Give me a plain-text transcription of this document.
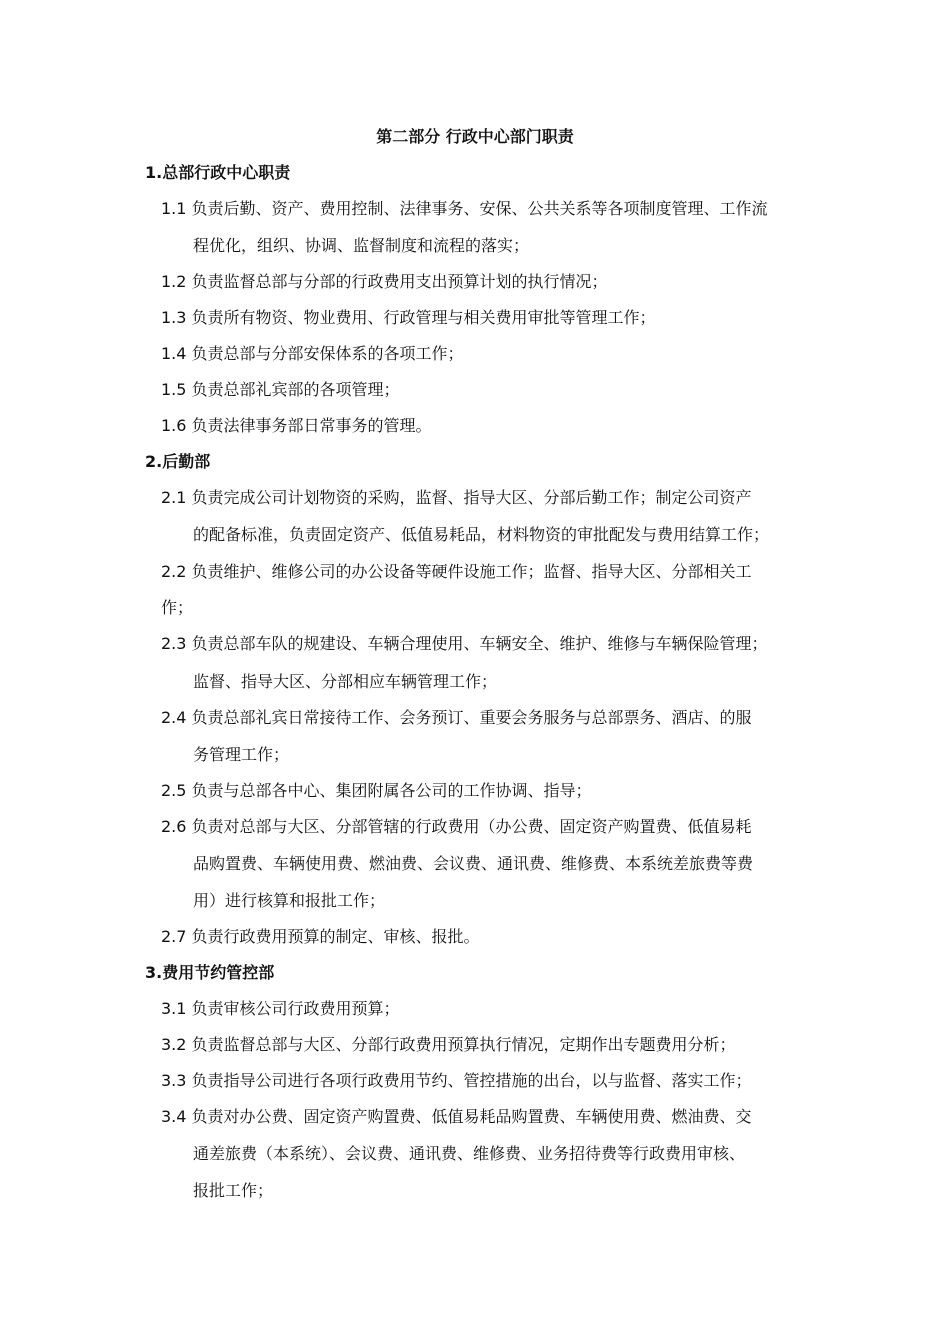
第二部分 行政中心部门职责
1.总部行政中心职责
1.1 负责后勤、资产、费用控制、法律事务、安保、公共关系等各项制度管理、工作流
程优化，组织、协调、监督制度和流程的落实；
1.2 负责监督总部与分部的行政费用支出预算计划的执行情况；
1.3 负责所有物资、物业费用、行政管理与相关费用审批等管理工作；
1.4 负责总部与分部安保体系的各项工作；
1.5 负责总部礼宾部的各项管理；
1.6 负责法律事务部日常事务的管理。
2.后勤部
2.1 负责完成公司计划物资的采购，监督、指导大区、分部后勤工作；制定公司资产
的配备标准，负责固定资产、低值易耗品，材料物资的审批配发与费用结算工作；
2.2 负责维护、维修公司的办公设备等硬件设施工作；监督、指导大区、分部相关工
作；
2.3 负责总部车队的规建设、车辆合理使用、车辆安全、维护、维修与车辆保险管理；
监督、指导大区、分部相应车辆管理工作；
2.4 负责总部礼宾日常接待工作、会务预订、重要会务服务与总部票务、酒店、的服
务管理工作；
2.5 负责与总部各中心、集团附属各公司的工作协调、指导；
2.6 负责对总部与大区、分部管辖的行政费用（办公费、固定资产购置费、低值易耗
品购置费、车辆使用费、燃油费、会议费、通讯费、维修费、本系统差旅费等费
用）进行核算和报批工作；
2.7 负责行政费用预算的制定、审核、报批。
3.费用节约管控部
3.1 负责审核公司行政费用预算；
3.2 负责监督总部与大区、分部行政费用预算执行情况，定期作出专题费用分析；
3.3 负责指导公司进行各项行政费用节约、管控措施的出台，以与监督、落实工作；
3.4 负责对办公费、固定资产购置费、低值易耗品购置费、车辆使用费、燃油费、交
通差旅费（本系统）、会议费、通讯费、维修费、业务招待费等行政费用审核、
报批工作；
